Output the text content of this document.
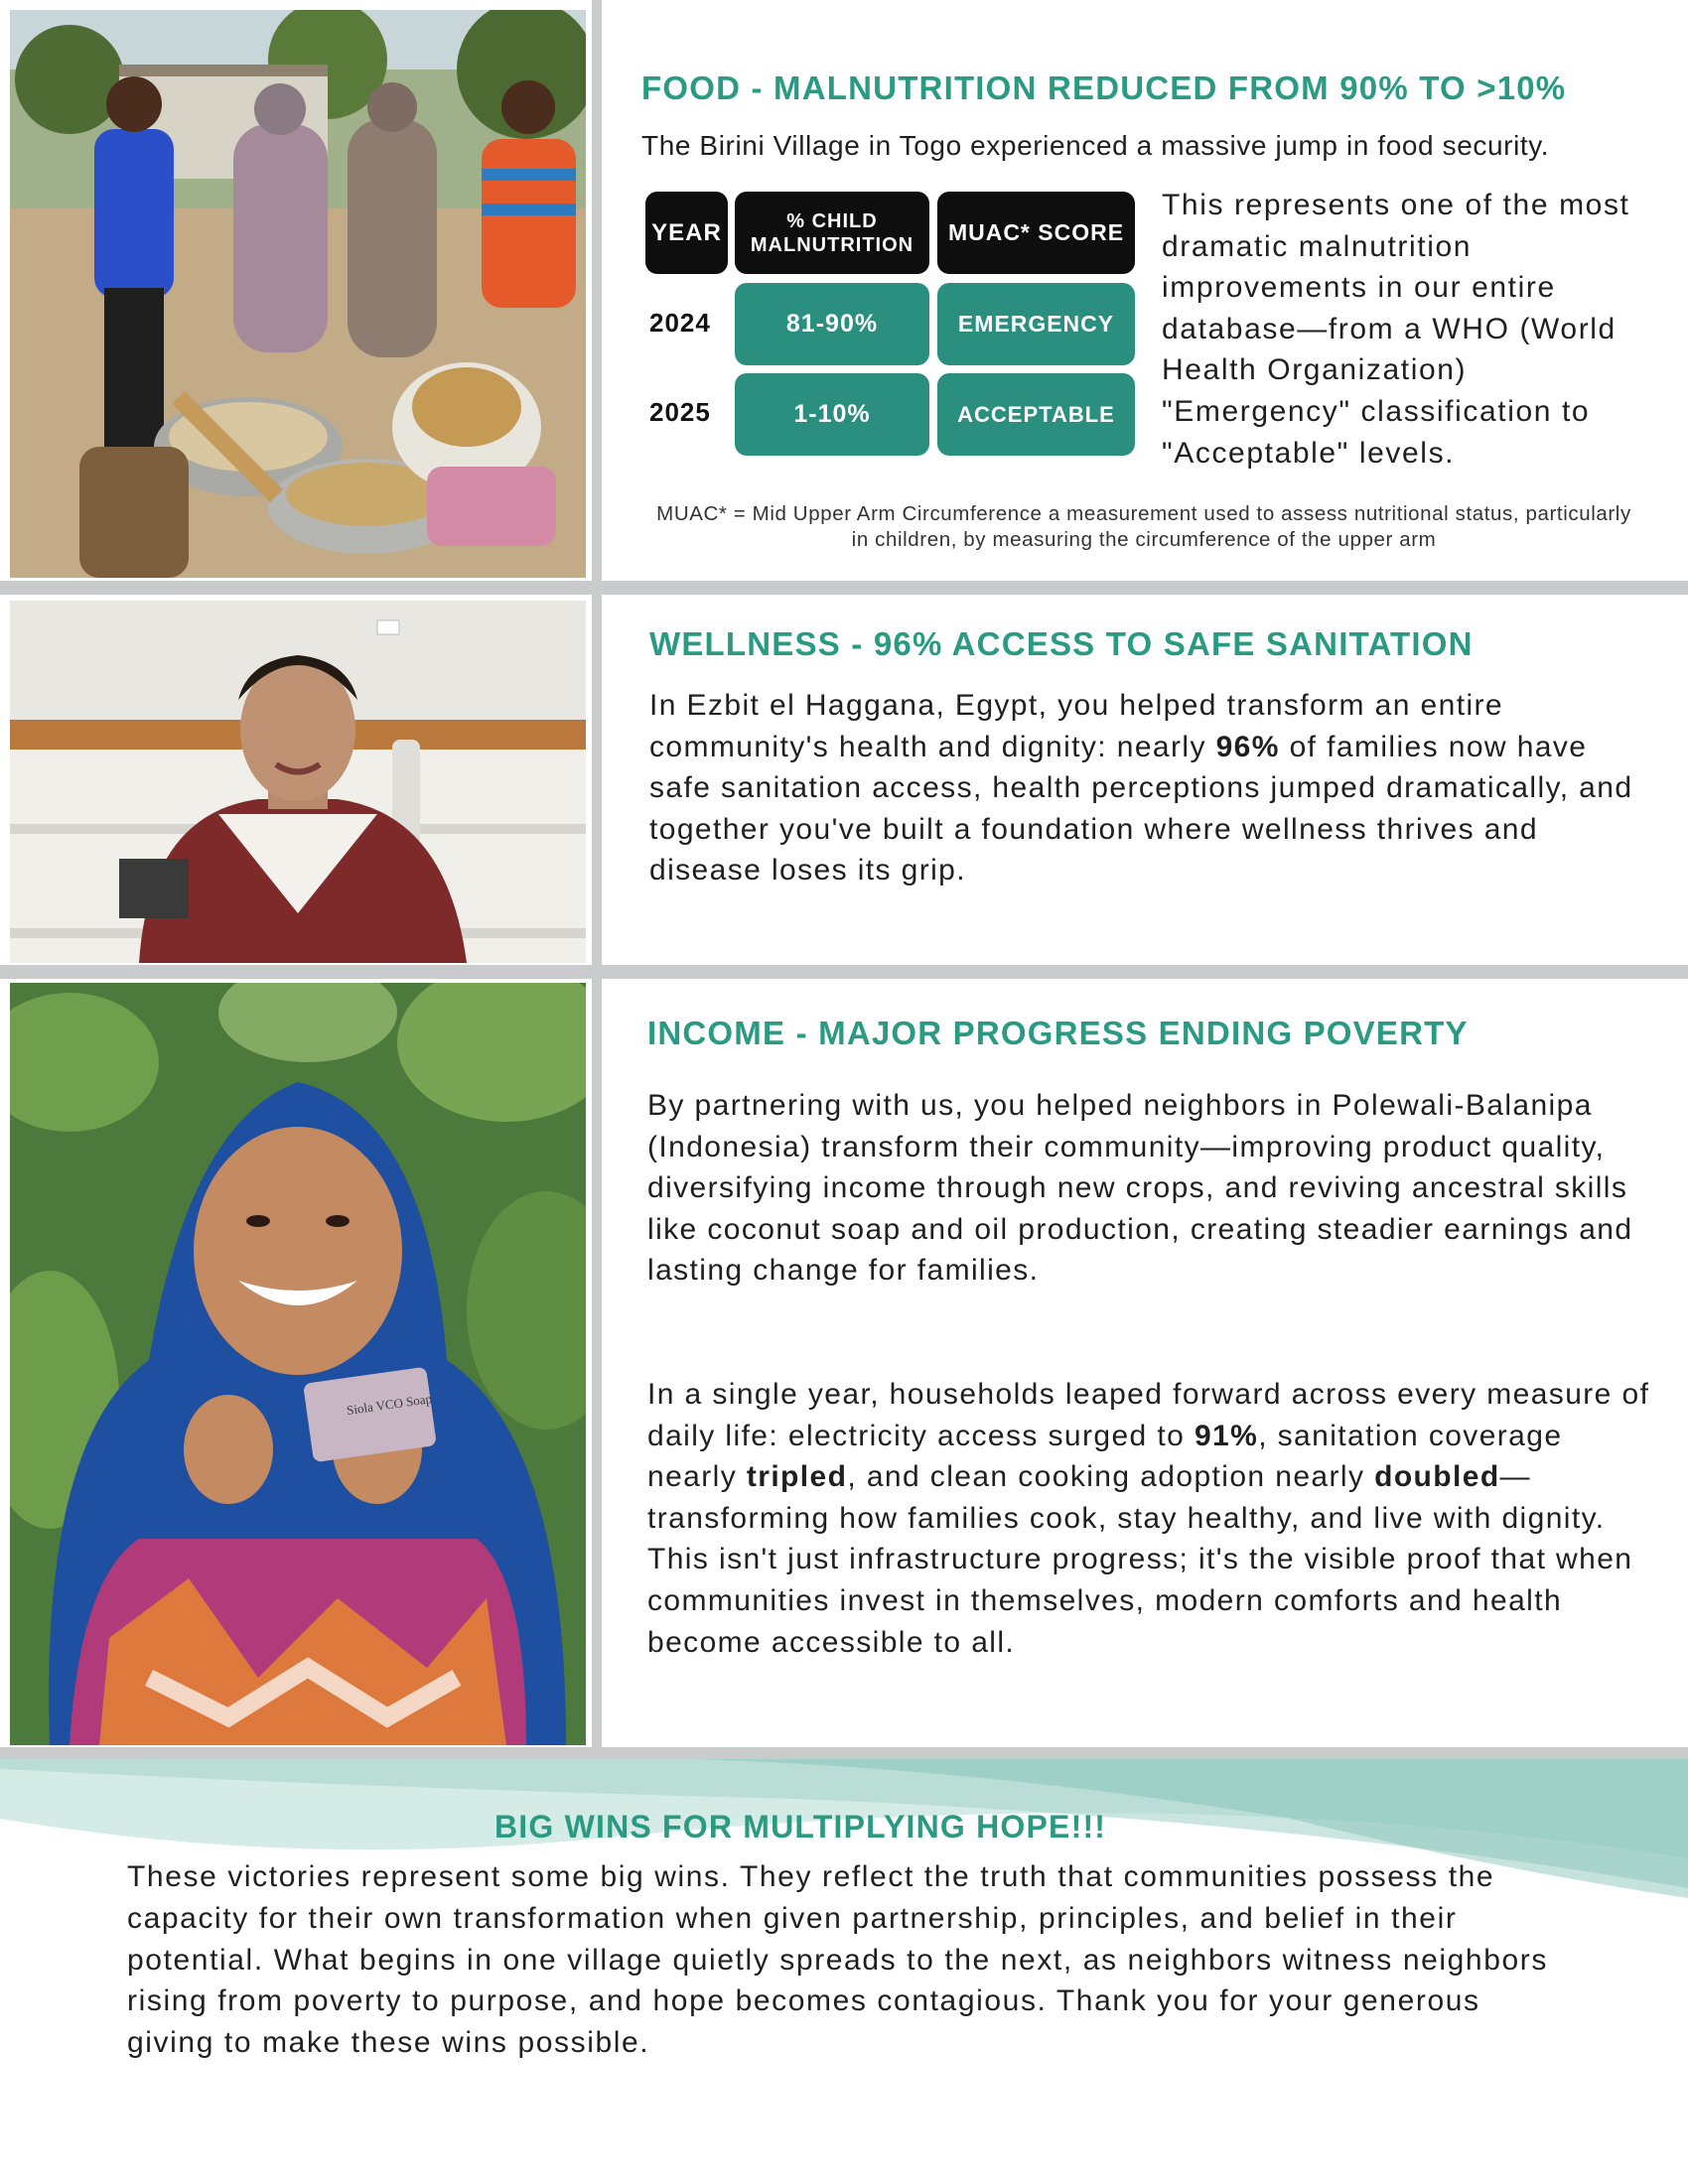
FOOD - MALNUTRITION REDUCED FROM 90% TO >10%

The Birini Village in Togo experienced a massive jump in food security.

YEAR	% CHILD MALNUTRITION	MUAC* SCORE
2024	81-90%	EMERGENCY
2025	1-10%	ACCEPTABLE

This represents one of the most dramatic malnutrition improvements in our entire database—from a WHO (World Health Organization) "Emergency" classification to "Acceptable" levels.

MUAC* = Mid Upper Arm Circumference a measurement used to assess nutritional status, particularly in children, by measuring the circumference of the upper arm

WELLNESS - 96% ACCESS TO SAFE SANITATION

In Ezbit el Haggana, Egypt, you helped transform an entire community's health and dignity: nearly 96% of families now have safe sanitation access, health perceptions jumped dramatically, and together you've built a foundation where wellness thrives and disease loses its grip.

Siola VCO Soap
INCOME - MAJOR PROGRESS ENDING POVERTY

By partnering with us, you helped neighbors in Polewali-Balanipa (Indonesia) transform their community—improving product quality, diversifying income through new crops, and reviving ancestral skills like coconut soap and oil production, creating steadier earnings and lasting change for families.

In a single year, households leaped forward across every measure of daily life: electricity access surged to 91%, sanitation coverage nearly tripled, and clean cooking adoption nearly doubled—transforming how families cook, stay healthy, and live with dignity. This isn't just infrastructure progress; it's the visible proof that when communities invest in themselves, modern comforts and health become accessible to all.

BIG WINS FOR MULTIPLYING HOPE!!!

These victories represent some big wins. They reflect the truth that communities possess the capacity for their own transformation when given partnership, principles, and belief in their potential. What begins in one village quietly spreads to the next, as neighbors witness neighbors rising from poverty to purpose, and hope becomes contagious. Thank you for your generous giving to make these wins possible.
